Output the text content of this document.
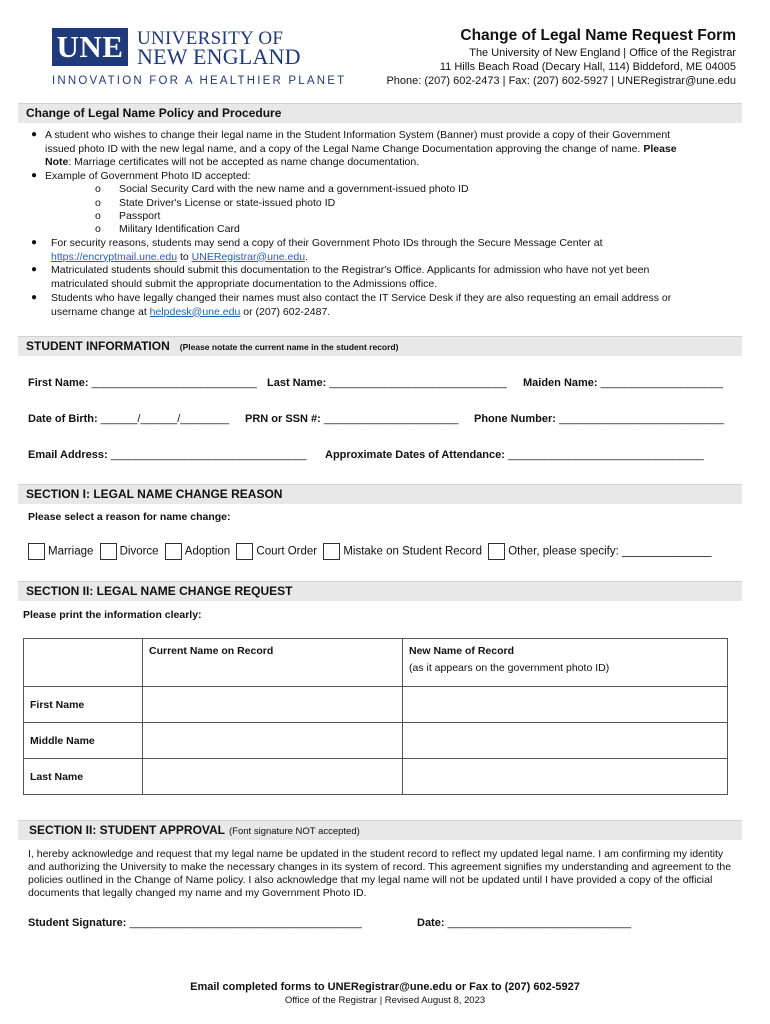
UNE UNIVERSITY OF
NEW ENGLAND
INNOVATION FOR A HEALTHIER PLANET
Change of Legal Name Request Form
The University of New England | Office of the Registrar
11 Hills Beach Road (Decary Hall, 114) Biddeford, ME 04005
Phone: (207) 602-2473 | Fax: (207) 602-5927 | UNERegistrar@une.edu
Change of Legal Name Policy and Procedure
● A student who wishes to change their legal name in the Student Information System (Banner) must provide a copy of their Government
issued photo ID with the new legal name, and a copy of the Legal Name Change Documentation approving the change of name. Please
Note: Marriage certificates will not be accepted as name change documentation.
● Example of Government Photo ID accepted:
o Social Security Card with the new name and a government-issued photo ID
o State Driver's License or state-issued photo ID
o Passport
o Military Identification Card
● For security reasons, students may send a copy of their Government Photo IDs through the Secure Message Center at
https://encryptmail.une.edu to UNERegistrar@une.edu.
● Matriculated students should submit this documentation to the Registrar's Office. Applicants for admission who have not yet been
matriculated should submit the appropriate documentation to the Admissions office.
● Students who have legally changed their names must also contact the IT Service Desk if they are also requesting an email address or
username change at helpdesk@une.edu or (207) 602-2487.
STUDENT INFORMATION (Please notate the current name in the student record)
First Name: ___________________________ Last Name: _____________________________ Maiden Name: ____________________
Date of Birth: ______/______/________ PRN or SSN #: ______________________ Phone Number: ___________________________
Email Address: ________________________________ Approximate Dates of Attendance: ________________________________
SECTION I: LEGAL NAME CHANGE REASON
Please select a reason for name change:
Marriage Divorce Adoption Court Order Mistake on Student Record Other, please specify: ______________
SECTION II: LEGAL NAME CHANGE REQUEST
Please print the information clearly:
	Current Name on Record	New Name of Record
(as it appears on the government photo ID)

First Name		
Middle Name		
Last Name		
SECTION II: STUDENT APPROVAL (Font signature NOT accepted)
I, hereby acknowledge and request that my legal name be updated in the student record to reflect my updated legal name. I am confirming my identity and authorizing the University to make the necessary changes in its system of record. This agreement signifies my understanding and agreement to the policies outlined in the Change of Name policy. I also acknowledge that my legal name will not be updated until I have provided a copy of the official documents that legally changed my name and my Government Photo ID.
Student Signature: ______________________________________	Date: ______________________________
Email completed forms to UNERegistrar@une.edu or Fax to (207) 602-5927
Office of the Registrar | Revised August 8, 2023
